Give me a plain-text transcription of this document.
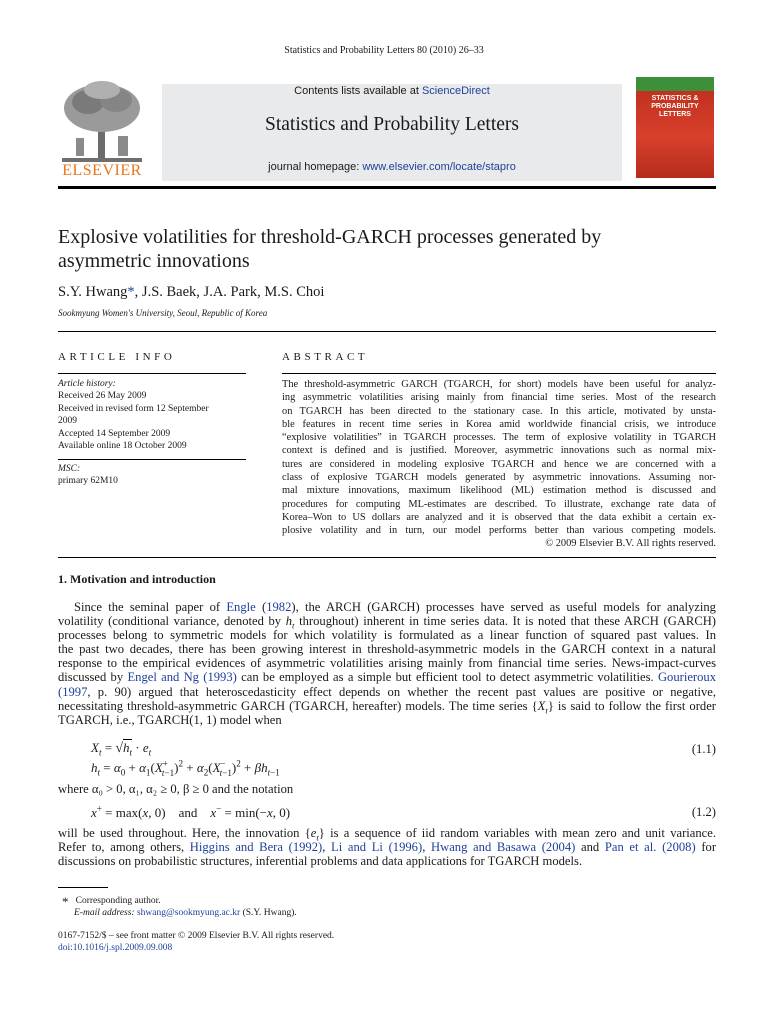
Statistics and Probability Letters 80 (2010) 26–33
ELSEVIER
Contents lists available at ScienceDirect
Statistics and Probability Letters
journal homepage: www.elsevier.com/locate/stapro
STATISTICS &
PROBABILITY
LETTERS
Explosive volatilities for threshold-GARCH processes generated by
asymmetric innovations
S.Y. Hwang*, J.S. Baek, J.A. Park, M.S. Choi
Sookmyung Women's University, Seoul, Republic of Korea
ARTICLE INFO
Article history:
Received 26 May 2009
Received in revised form 12 September
2009
Accepted 14 September 2009
Available online 18 October 2009
MSC:
primary 62M10
ABSTRACT
The threshold-asymmetric GARCH (TGARCH, for short) models have been useful for analyz-
ing asymmetric volatilities arising mainly from financial time series. Most of the research
on TGARCH has been directed to the stationary case. In this article, motivated by unsta-
ble features in recent time series in Korea amid worldwide financial crisis, we introduce
“explosive volatilities” in TGARCH processes. The term of explosive volatility in TGARCH
context is defined and is justified. Moreover, asymmetric innovations such as normal mix-
tures are considered in modeling explosive TGARCH and hence we are concerned with a
class of explosive TGARCH models generated by asymmetric innovations. Assuming nor-
mal mixture innovations, maximum likelihood (ML) estimation method is discussed and
procedures for computing ML-estimates are described. To illustrate, exchange rate data of
Korea–Won to US dollars are analyzed and it is observed that the data exhibit a certain ex-
plosive volatility and in turn, our model performs better than various competing models.
© 2009 Elsevier B.V. All rights reserved.
1. Motivation and introduction
Since the seminal paper of Engle (1982), the ARCH (GARCH) processes have served as useful models for analyzing
volatility (conditional variance, denoted by $h_t$ throughout) inherent in time series data. It is noted that these ARCH (GARCH)
processes belong to symmetric models for which volatility is formulated as a linear function of squared past values. In
the past two decades, there has been growing interest in threshold-asymmetric models in the GARCH context in a natural
response to the empirical evidences of asymmetric volatilities arising mainly from financial time series. News-impact-curves
discussed by Engel and Ng (1993) can be employed as a simple but efficient tool to detect asymmetric volatilities. Gourieroux
(1997, p. 90) argued that heteroscedasticity effect depends on whether the recent past values are positive or negative,
necessitating threshold-asymmetric GARCH (TGARCH, hereafter) models. The time series $\{X_t\}$ is said to follow the first order
TGARCH, i.e., TGARCH(1, 1) model when
$X_t = √h_t \cdot e_t$
$h_t = \alpha_0 + \alpha_1(X^+_{t-1})^2 + \alpha_2(X^-_{t-1})^2 + \beta h_{t-1}$
(1.1)
where α₀ > 0, α₁, α₂ ≥ 0, β ≥ 0 and the notation
x+ = max(x, 0)    and x− = min(−x, 0)	(1.2)
will be used throughout. Here, the innovation $\{e_t\}$ is a sequence of iid random variables with mean zero and unit variance.
Refer to, among others, Higgins and Bera (1992), Li and Li (1996), Hwang and Basawa (2004) and Pan et al. (2008) for
discussions on probabilistic structures, inferential problems and data applications for TGARCH models.
* Corresponding author.
E-mail address: shwang@sookmyung.ac.kr (S.Y. Hwang).
0167-7152/$ – see front matter © 2009 Elsevier B.V. All rights reserved.
doi:10.1016/j.spl.2009.09.008
